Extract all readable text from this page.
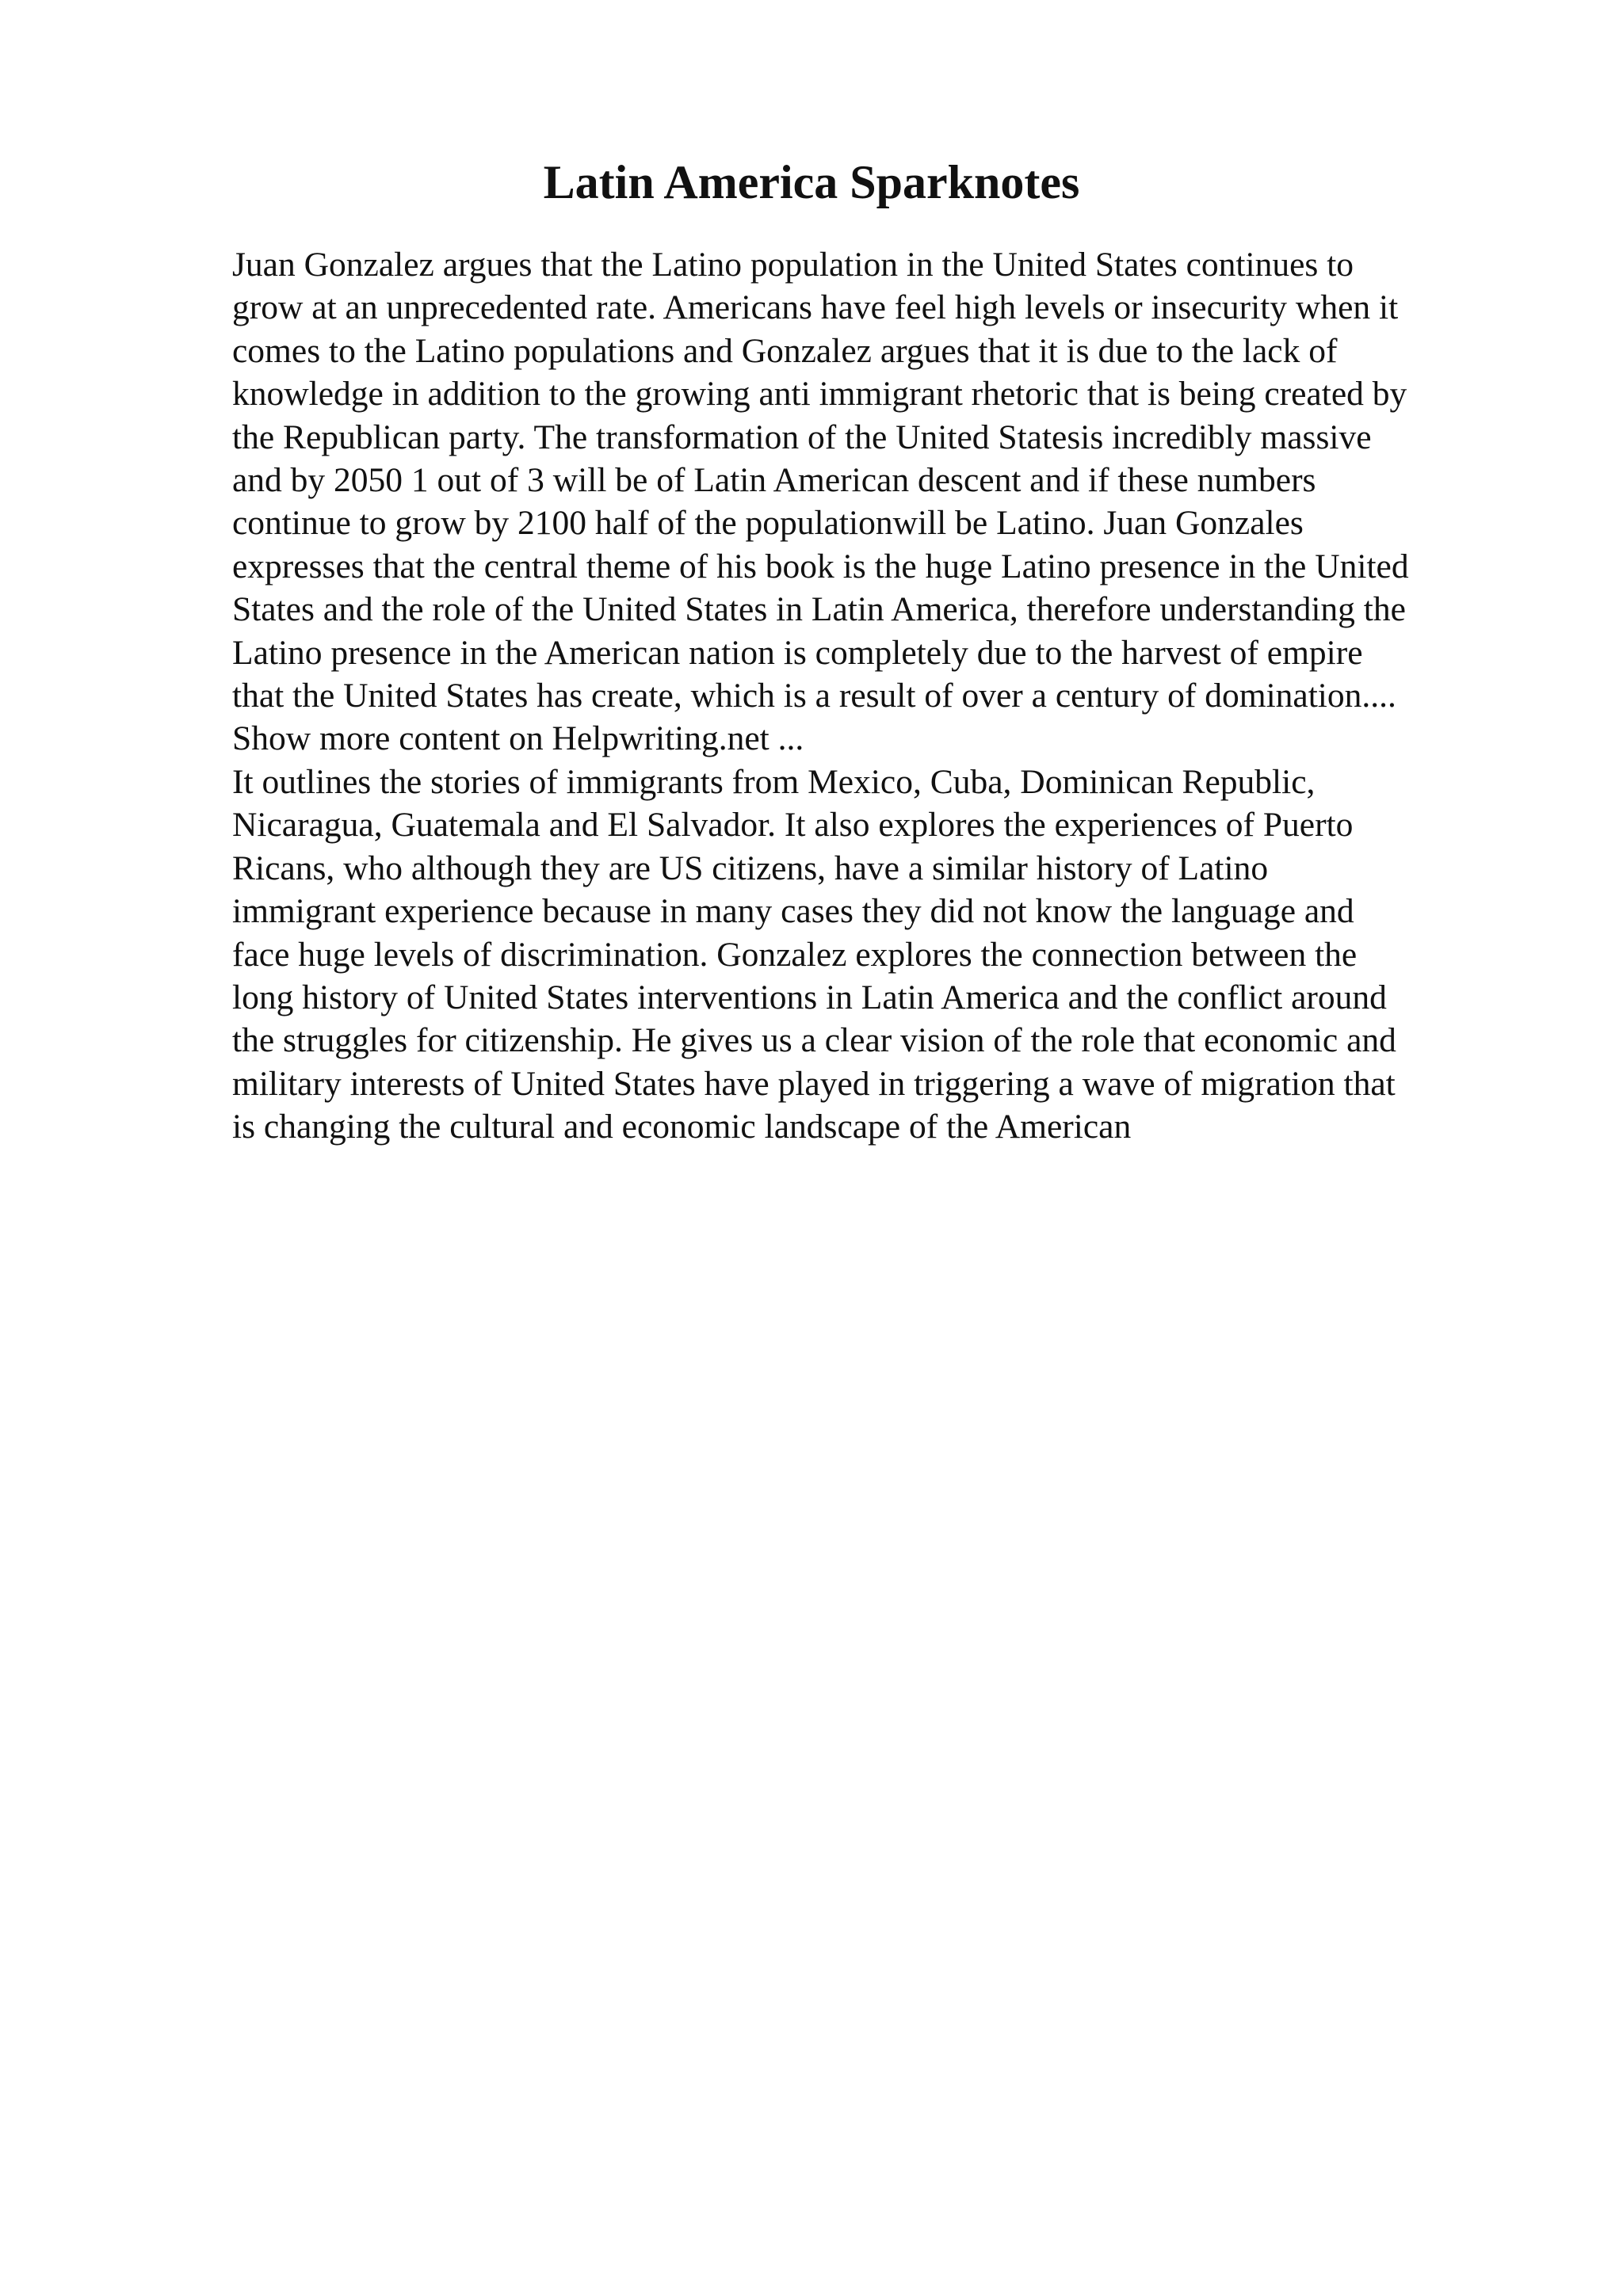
Latin America Sparknotes
Juan Gonzalez argues that the Latino population in the United States continues to
grow at an unprecedented rate. Americans have feel high levels or insecurity when it
comes to the Latino populations and Gonzalez argues that it is due to the lack of
knowledge in addition to the growing anti immigrant rhetoric that is being created by
the Republican party. The transformation of the United Statesis incredibly massive
and by 2050 1 out of 3 will be of Latin American descent and if these numbers
continue to grow by 2100 half of the populationwill be Latino. Juan Gonzales
expresses that the central theme of his book is the huge Latino presence in the United
States and the role of the United States in Latin America, therefore understanding the
Latino presence in the American nation is completely due to the harvest of empire
that the United States has create, which is a result of over a century of domination....
Show more content on Helpwriting.net ...
It outlines the stories of immigrants from Mexico, Cuba, Dominican Republic,
Nicaragua, Guatemala and El Salvador. It also explores the experiences of Puerto
Ricans, who although they are US citizens, have a similar history of Latino
immigrant experience because in many cases they did not know the language and
face huge levels of discrimination. Gonzalez explores the connection between the
long history of United States interventions in Latin America and the conflict around
the struggles for citizenship. He gives us a clear vision of the role that economic and
military interests of United States have played in triggering a wave of migration that
is changing the cultural and economic landscape of the American
